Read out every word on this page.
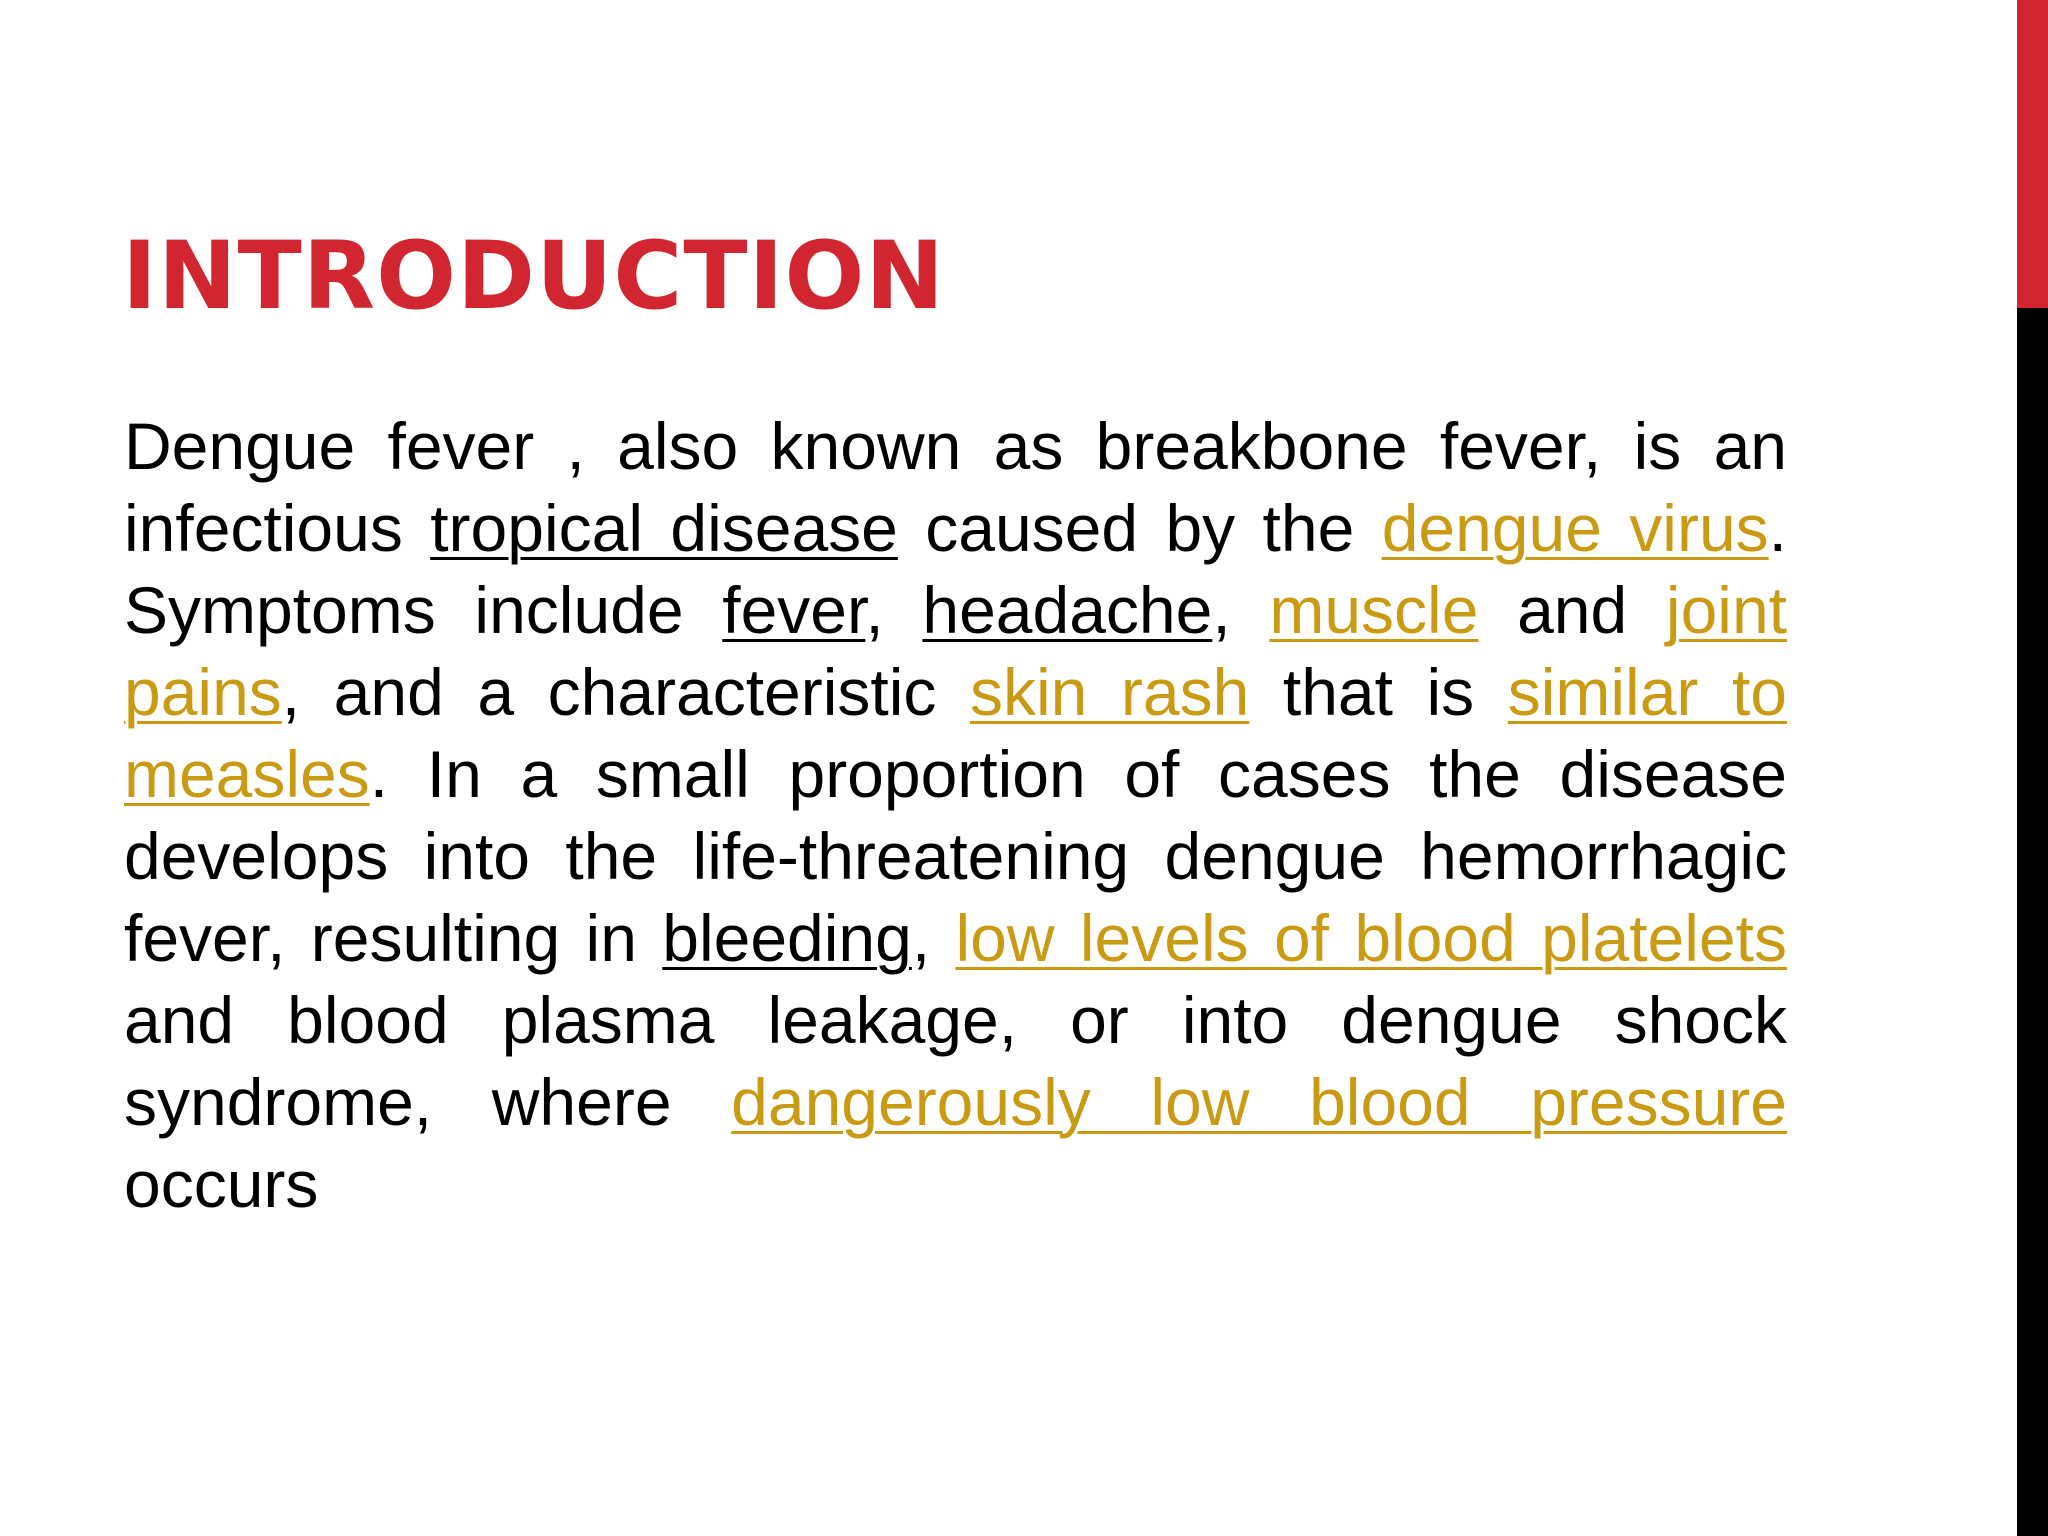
INTRODUCTION

Dengue fever , also known as breakbone fever, is an infectious tropical disease caused by the dengue virus. Symptoms include fever, headache, muscle and joint pains, and a characteristic skin rash that is similar to measles. In a small proportion of cases the disease develops into the life-threatening dengue hemorrhagic fever, resulting in bleeding, low levels of blood platelets and blood plasma leakage, or into dengue shock syndrome, where dangerously low blood pressure occurs
